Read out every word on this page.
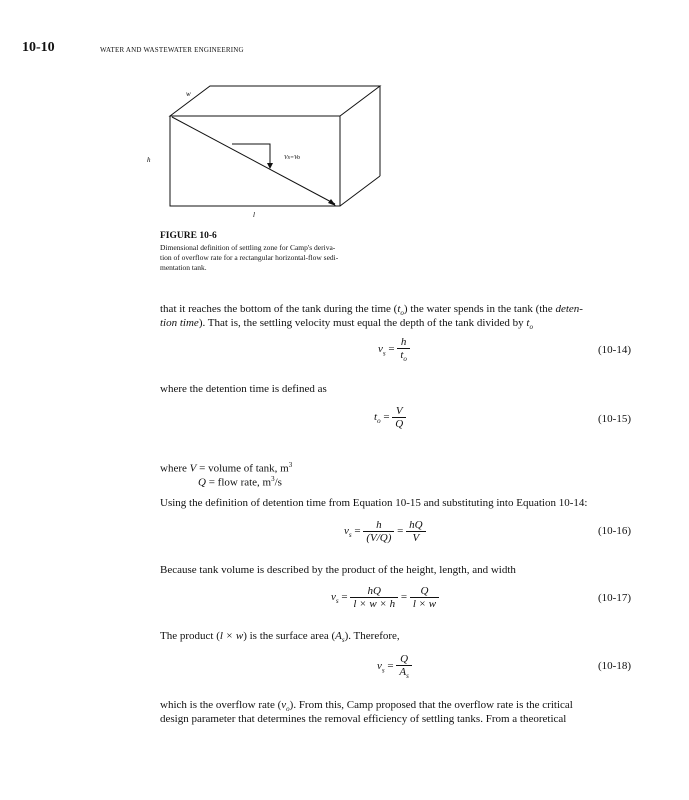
10-10	WATER AND WASTEWATER ENGINEERING
w
h
l
Vs=Vo
FIGURE 10-6
Dimensional definition of settling zone for Camp's deriva-
tion of overflow rate for a rectangular horizontal-flow sedi-
mentation tank.
that it reaches the bottom of the tank during the time $(t_o)$ the water spends in the tank (the deten-
tion time). That is, the settling velocity must equal the depth of the tank divided by $t_o$
$v_s = \frac{h}{t_o}$	(10-14)
where the detention time is defined as
$t_o = \frac{V}{Q}$	(10-15)
where V = volume of tank, $m^3$
Q = flow rate, $m^3/s$
Using the definition of detention time from Equation 10-15 and substituting into Equation 10-14:
$v_s = \frac{h}{(V/Q)} = \frac{hQ}{V}$	(10-16)
Because tank volume is described by the product of the height, length, and width
$v_s = \frac{hQ}{l \times w \times h} = \frac{Q}{l \times w}$	(10-17)
The product (l × w) is the surface area $(A_s)$. Therefore,
$v_s = \frac{Q}{A_s}$	(10-18)
which is the overflow rate $(v_o)$. From this, Camp proposed that the overflow rate is the critical
design parameter that determines the removal efficiency of settling tanks. From a theoretical
